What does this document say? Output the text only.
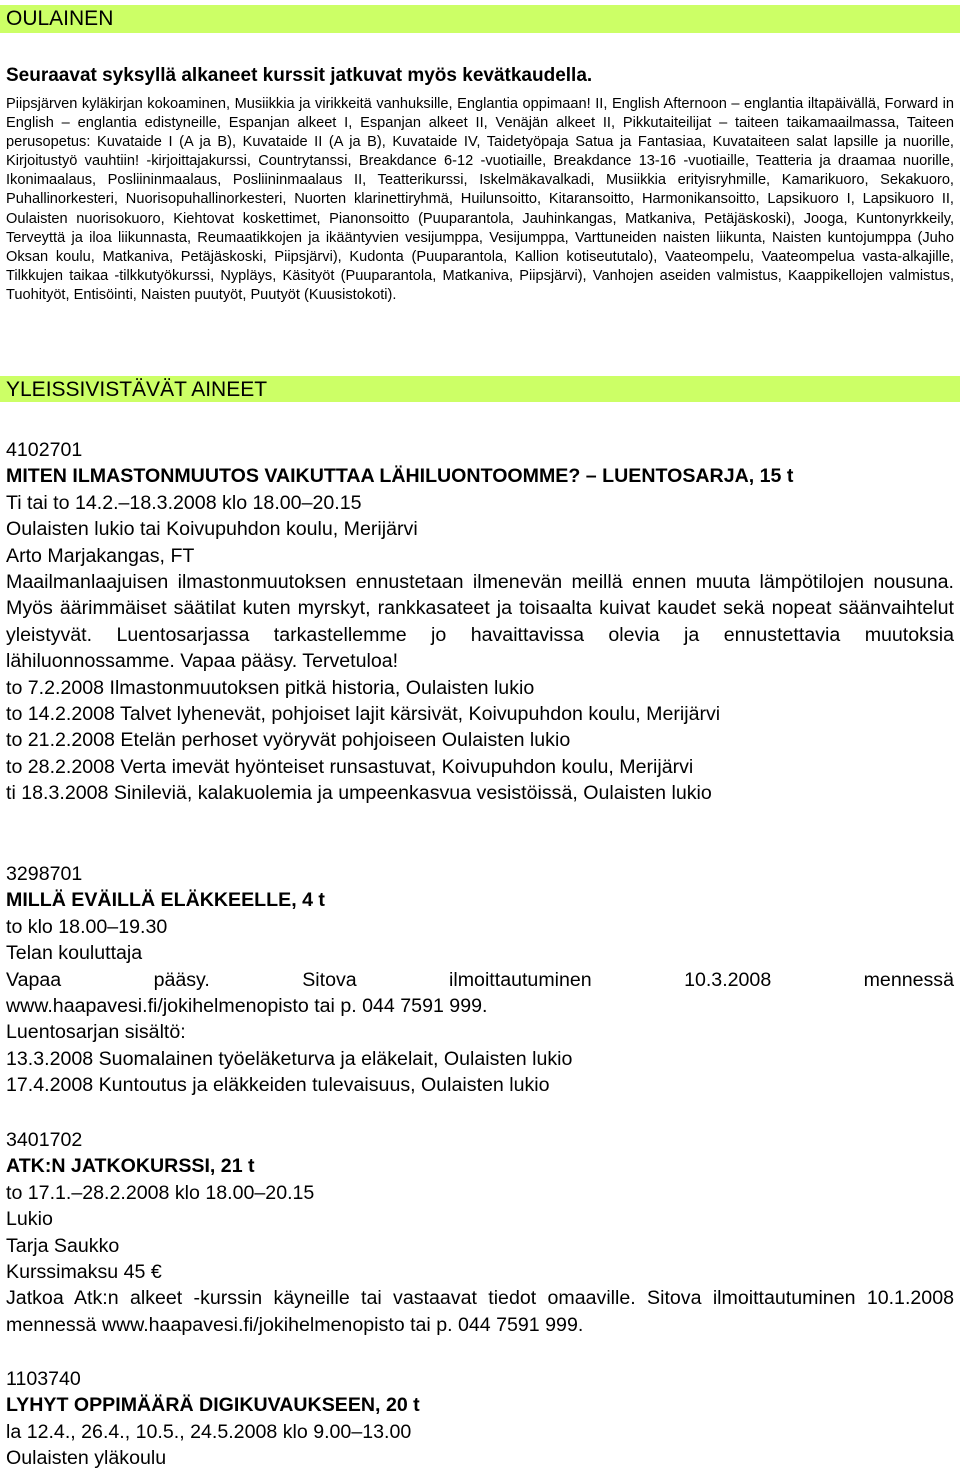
OULAINEN
Seuraavat syksyllä alkaneet kurssit jatkuvat myös kevätkaudella.

Piipsjärven kyläkirjan kokoaminen, Musiikkia ja virikkeitä vanhuksille, Englantia oppimaan! II, English Afternoon – englantia iltapäivällä, Forward in English – englantia edistyneille, Espanjan alkeet I, Espanjan alkeet II, Venäjän alkeet II, Pikkutaiteilijat – taiteen taikamaailmassa, Taiteen perusopetus: Kuvataide I (A ja B), Kuvataide II (A ja B), Kuvataide IV, Taidetyöpaja Satua ja Fantasiaa, Kuvataiteen salat lapsille ja nuorille, Kirjoitustyö vauhtiin! -kirjoittajakurssi, Countrytanssi, Breakdance 6-12 -vuotiaille, Breakdance 13-16 -vuotiaille, Teatteria ja draamaa nuorille, Ikonimaalaus, Posliininmaalaus, Posliininmaalaus II, Teatterikurssi, Iskelmäkavalkadi, Musiikkia erityisryhmille, Kamarikuoro, Sekakuoro, Puhallinorkesteri, Nuorisopuhallinorkesteri, Nuorten klarinettiryhmä, Huilunsoitto, Kitaransoitto, Harmonikansoitto, Lapsikuoro I, Lapsikuoro II, Oulaisten nuorisokuoro, Kiehtovat koskettimet, Pianonsoitto (Puuparantola, Jauhinkangas, Matkaniva, Petäjäskoski), Jooga, Kuntonyrkkeily, Terveyttä ja iloa liikunnasta, Reumaatikkojen ja ikääntyvien vesijumppa, Vesijumppa, Varttuneiden naisten liikunta, Naisten kuntojumppa (Juho Oksan koulu, Matkaniva, Petäjäskoski, Piipsjärvi), Kudonta (Puuparantola, Kallion kotiseututalo), Vaateompelu, Vaateompelua vasta-alkajille, Tilkkujen taikaa -tilkkutyökurssi, Nypläys, Käsityöt (Puuparantola, Matkaniva, Piipsjärvi), Vanhojen aseiden valmistus, Kaappikellojen valmistus, Tuohityöt, Entisöinti, Naisten puutyöt, Puutyöt (Kuusistokoti).

YLEISSIVISTÄVÄT AINEET

4102701

MITEN ILMASTONMUUTOS VAIKUTTAA LÄHILUONTOOMME? – LUENTOSARJA, 15 t

Ti tai to 14.2.–18.3.2008 klo 18.00–20.15

Oulaisten lukio tai Koivupuhdon koulu, Merijärvi

Arto Marjakangas, FT

Maailmanlaajuisen ilmastonmuutoksen ennustetaan ilmenevän meillä ennen muuta lämpötilojen nousuna. Myös äärimmäiset säätilat kuten myrskyt, rankkasateet ja toisaalta kuivat kaudet sekä nopeat säänvaihtelut yleistyvät. Luentosarjassa tarkastellemme jo havaittavissa olevia ja ennustettavia muutoksia lähiluonnossamme. Vapaa pääsy. Tervetuloa!

to 7.2.2008 Ilmastonmuutoksen pitkä historia, Oulaisten lukio

to 14.2.2008 Talvet lyhenevät, pohjoiset lajit kärsivät, Koivupuhdon koulu, Merijärvi

to 21.2.2008 Etelän perhoset vyöryvät pohjoiseen Oulaisten lukio

to 28.2.2008 Verta imevät hyönteiset runsastuvat, Koivupuhdon koulu, Merijärvi

ti 18.3.2008 Sinileviä, kalakuolemia ja umpeenkasvua vesistöissä, Oulaisten lukio

3298701

MILLÄ EVÄILLÄ ELÄKKEELLE, 4 t

to klo 18.00–19.30

Telan kouluttaja

Vapaa	pääsy.	Sitova	ilmoittautuminen	10.3.2008	mennessä

www.haapavesi.fi/jokihelmenopisto tai p. 044 7591 999.

Luentosarjan sisältö:

13.3.2008 Suomalainen työeläketurva ja eläkelait, Oulaisten lukio

17.4.2008 Kuntoutus ja eläkkeiden tulevaisuus, Oulaisten lukio

3401702

ATK:N JATKOKURSSI, 21 t

to 17.1.–28.2.2008 klo 18.00–20.15

Lukio

Tarja Saukko

Kurssimaksu 45 €

Jatkoa Atk:n alkeet -kurssin käyneille tai vastaavat tiedot omaaville. Sitova ilmoittautuminen 10.1.2008 mennessä www.haapavesi.fi/jokihelmenopisto tai p. 044 7591 999.

1103740

LYHYT OPPIMÄÄRÄ DIGIKUVAUKSEEN, 20 t

la 12.4., 26.4., 10.5., 24.5.2008 klo 9.00–13.00

Oulaisten yläkoulu
